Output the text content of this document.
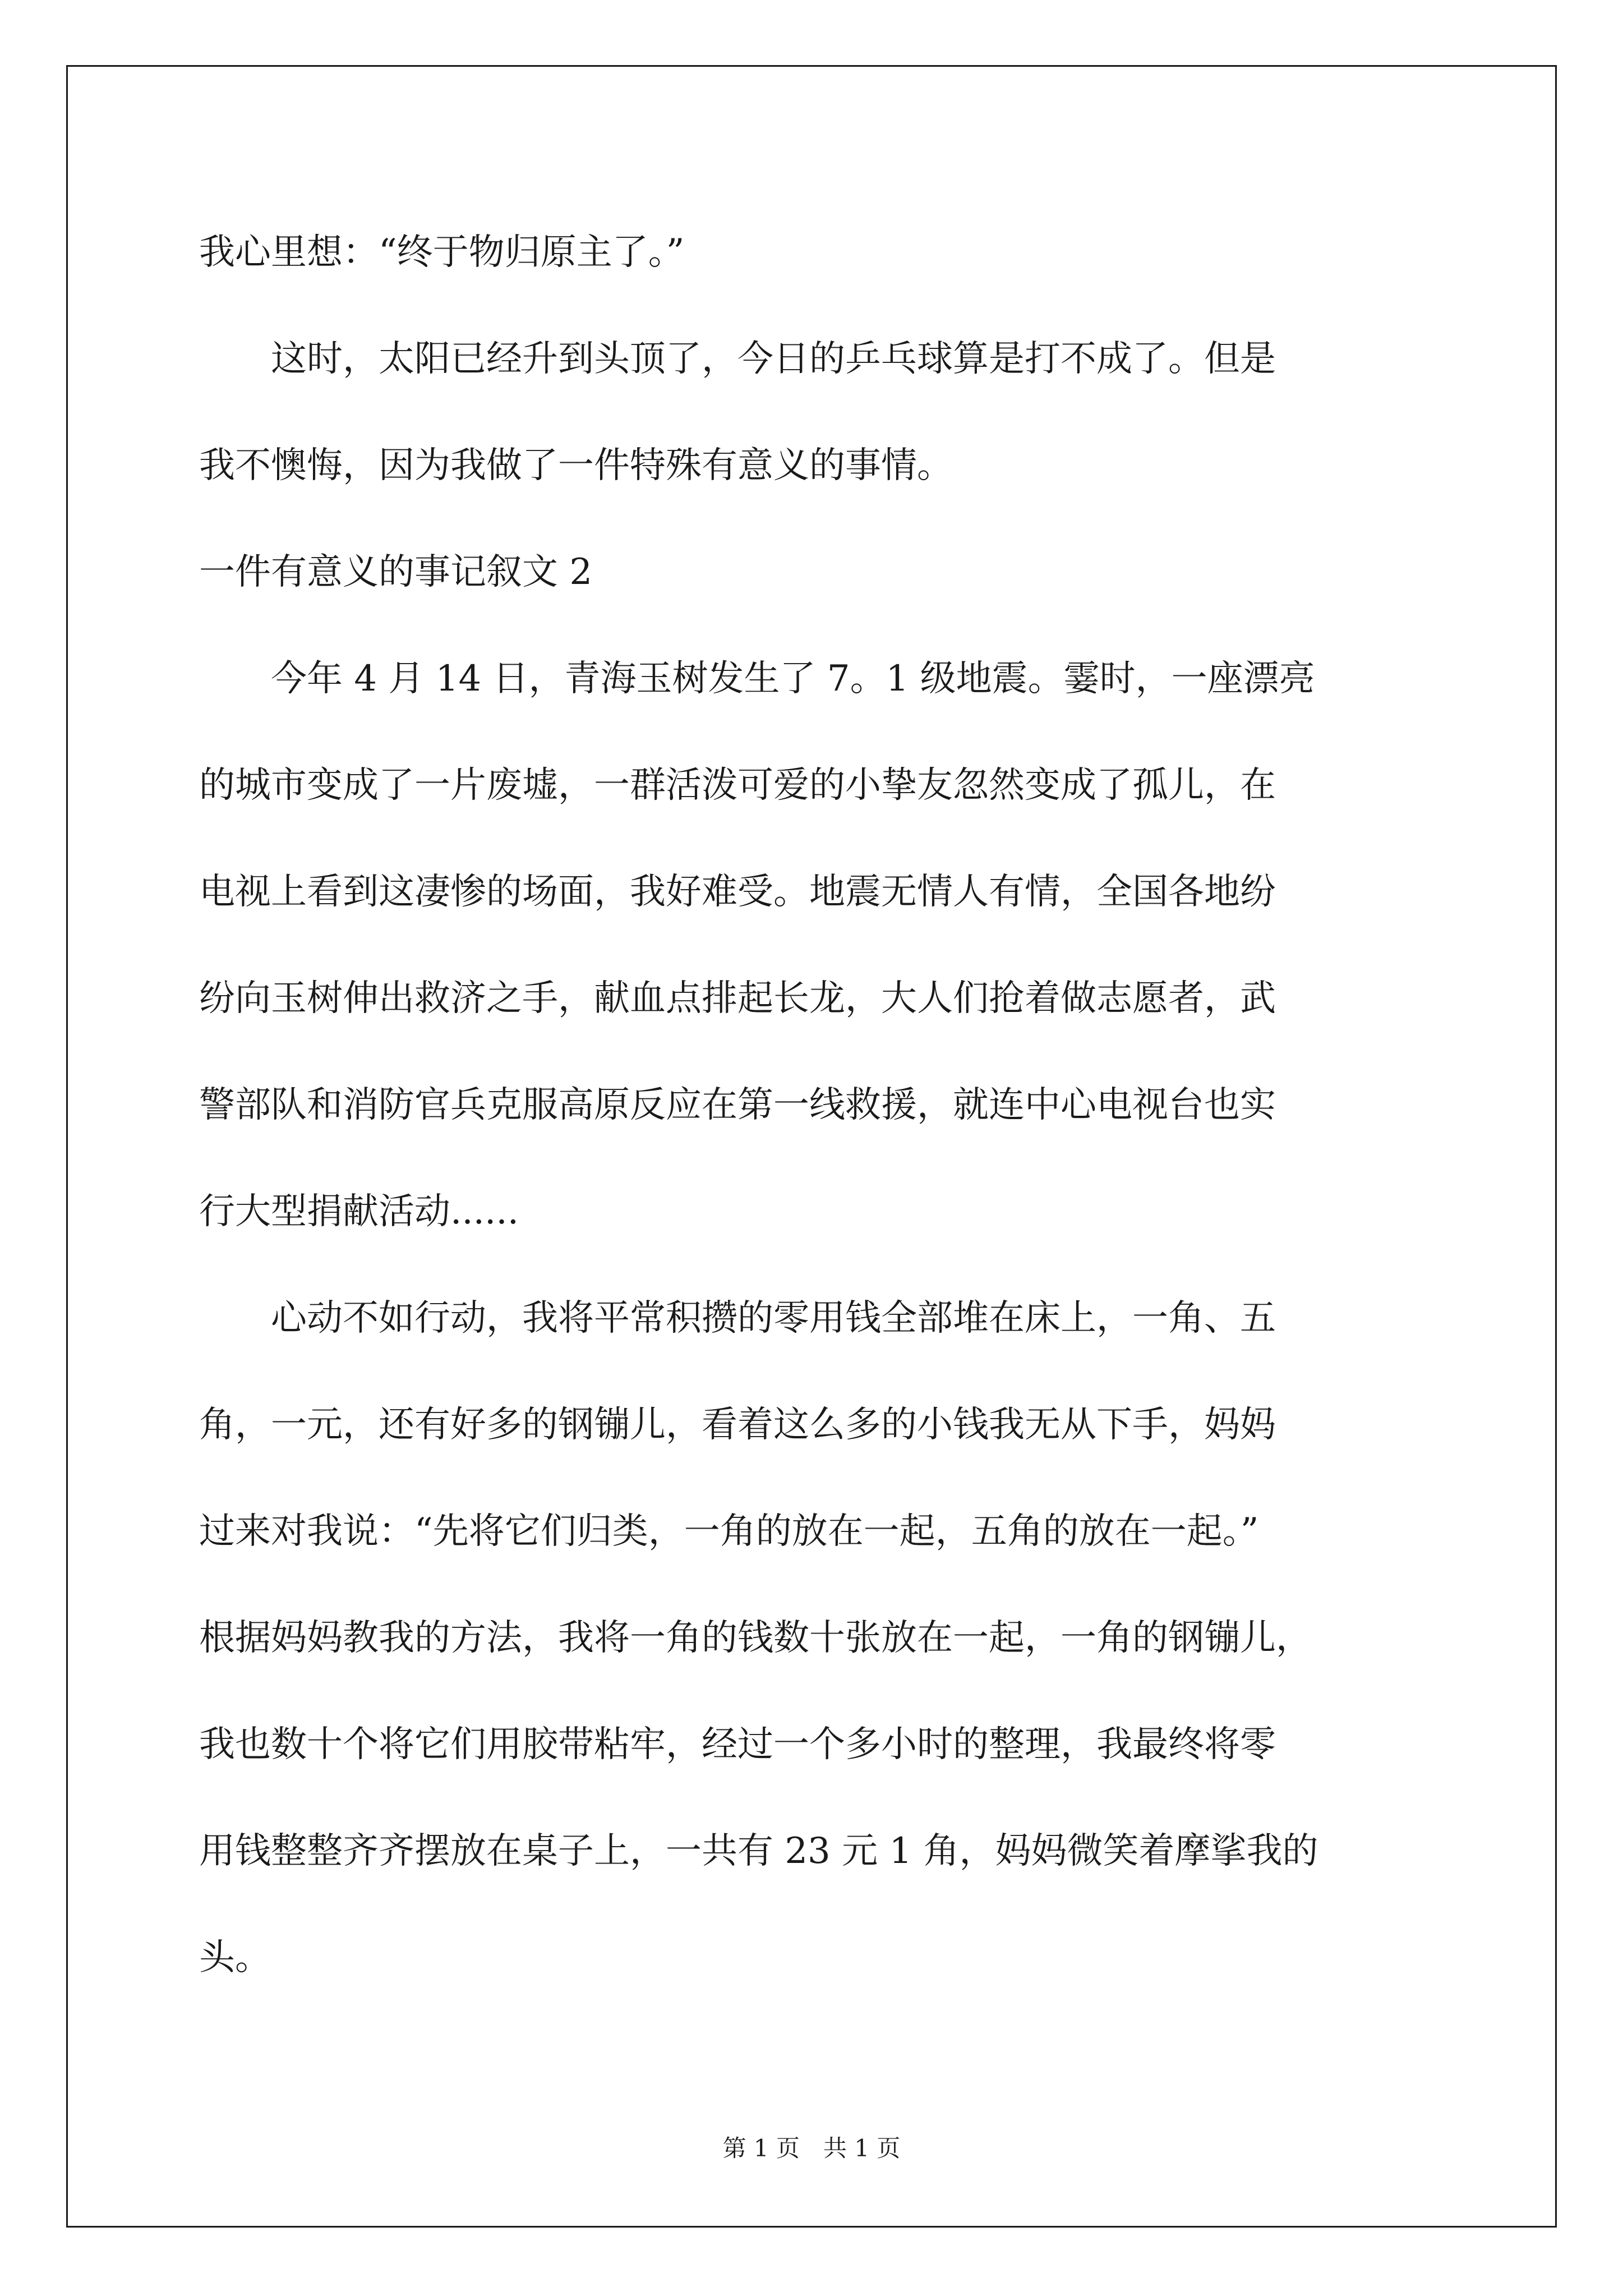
我心里想：“终于物归原主了。”
这时，太阳已经升到头顶了，今日的乒乓球算是打不成了。但是
我不懊悔，因为我做了一件特殊有意义的事情。
一件有意义的事记叙文 2
今年 4 月 14 日，青海玉树发生了 7。1 级地震。霎时，一座漂亮
的城市变成了一片废墟，一群活泼可爱的小挚友忽然变成了孤儿，在
电视上看到这凄惨的场面，我好难受。地震无情人有情，全国各地纷
纷向玉树伸出救济之手，献血点排起长龙，大人们抢着做志愿者，武
警部队和消防官兵克服高原反应在第一线救援，就连中心电视台也实
行大型捐献活动......
心动不如行动，我将平常积攒的零用钱全部堆在床上，一角、五
角，一元，还有好多的钢镚儿，看着这么多的小钱我无从下手，妈妈
过来对我说：“先将它们归类，一角的放在一起，五角的放在一起。”
根据妈妈教我的方法，我将一角的钱数十张放在一起，一角的钢镚儿，
我也数十个将它们用胶带粘牢，经过一个多小时的整理，我最终将零
用钱整整齐齐摆放在桌子上，一共有 23 元 1 角，妈妈微笑着摩挲我的
头。
第 1 页　共 1 页
